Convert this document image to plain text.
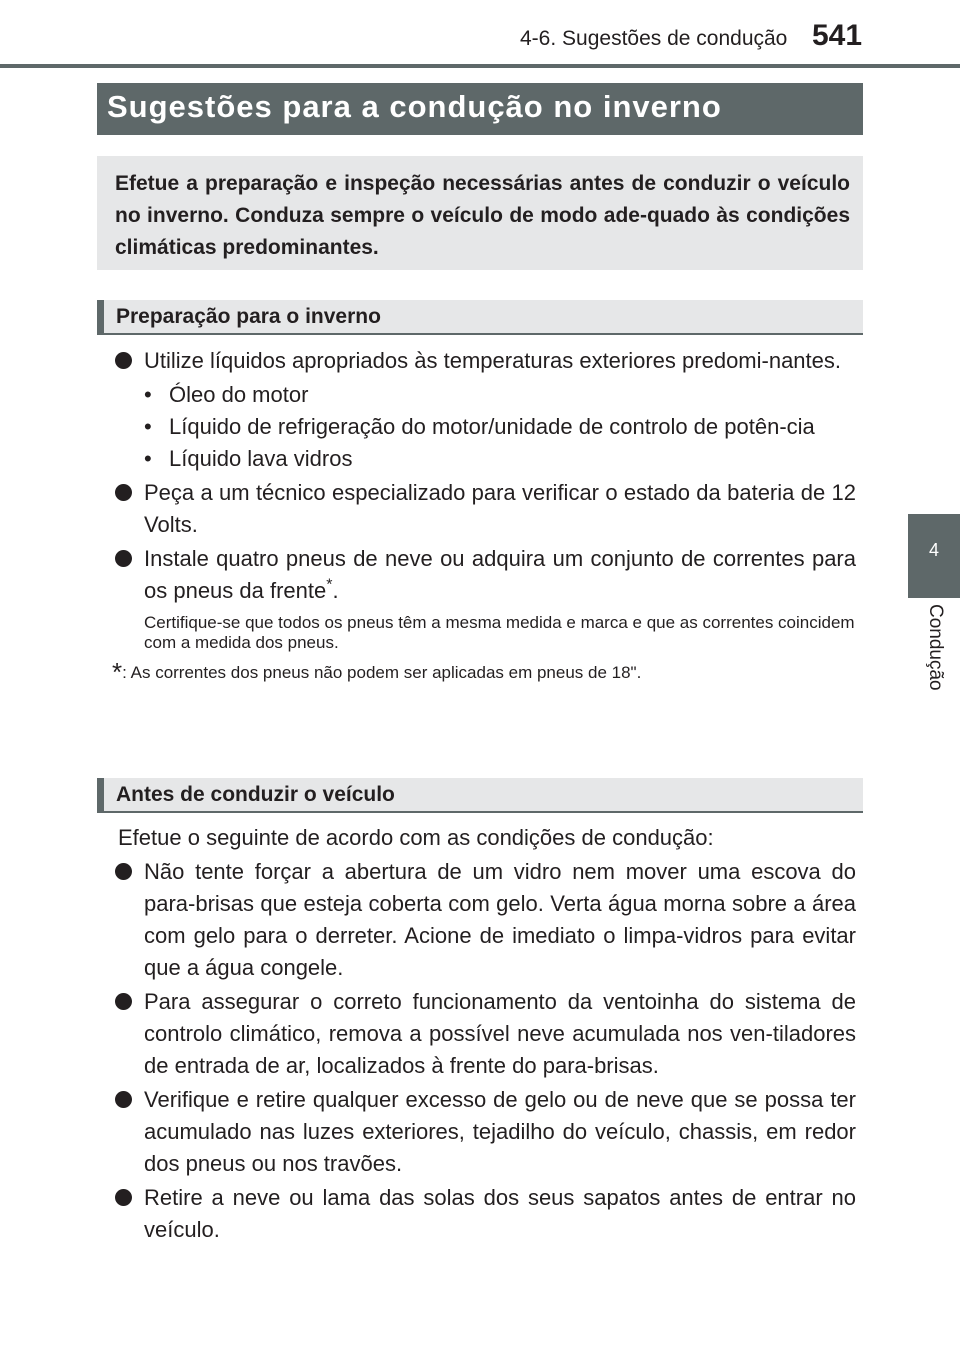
4-6. Sugestões de condução 541
4
Condução
Sugestões para a condução no inverno

Efetue a preparação e inspeção necessárias antes de conduzir o veículo no inverno. Conduza sempre o veículo de modo ade-quado às condições climáticas predominantes.

Preparação para o inverno
Utilize líquidos apropriados às temperaturas exteriores predomi-nantes.
• Óleo do motor
• Líquido de refrigeração do motor/unidade de controlo de potên-cia
• Líquido lava vidros
Peça a um técnico especializado para verificar o estado da bateria de 12 Volts.
Instale quatro pneus de neve ou adquira um conjunto de correntes para os pneus da frente*.
Certifique-se que todos os pneus têm a mesma medida e marca e que as correntes coincidem com a medida dos pneus.
*: As correntes dos pneus não podem ser aplicadas em pneus de 18".
Antes de conduzir o veículo
Efetue o seguinte de acordo com as condições de condução:
Não tente forçar a abertura de um vidro nem mover uma escova do para-brisas que esteja coberta com gelo. Verta água morna sobre a área com gelo para o derreter. Acione de imediato o limpa-vidros para evitar que a água congele.
Para assegurar o correto funcionamento da ventoinha do sistema de controlo climático, remova a possível neve acumulada nos ven-tiladores de entrada de ar, localizados à frente do para-brisas.
Verifique e retire qualquer excesso de gelo ou de neve que se possa ter acumulado nas luzes exteriores, tejadilho do veículo, chassis, em redor dos pneus ou nos travões.
Retire a neve ou lama das solas dos seus sapatos antes de entrar no veículo.
